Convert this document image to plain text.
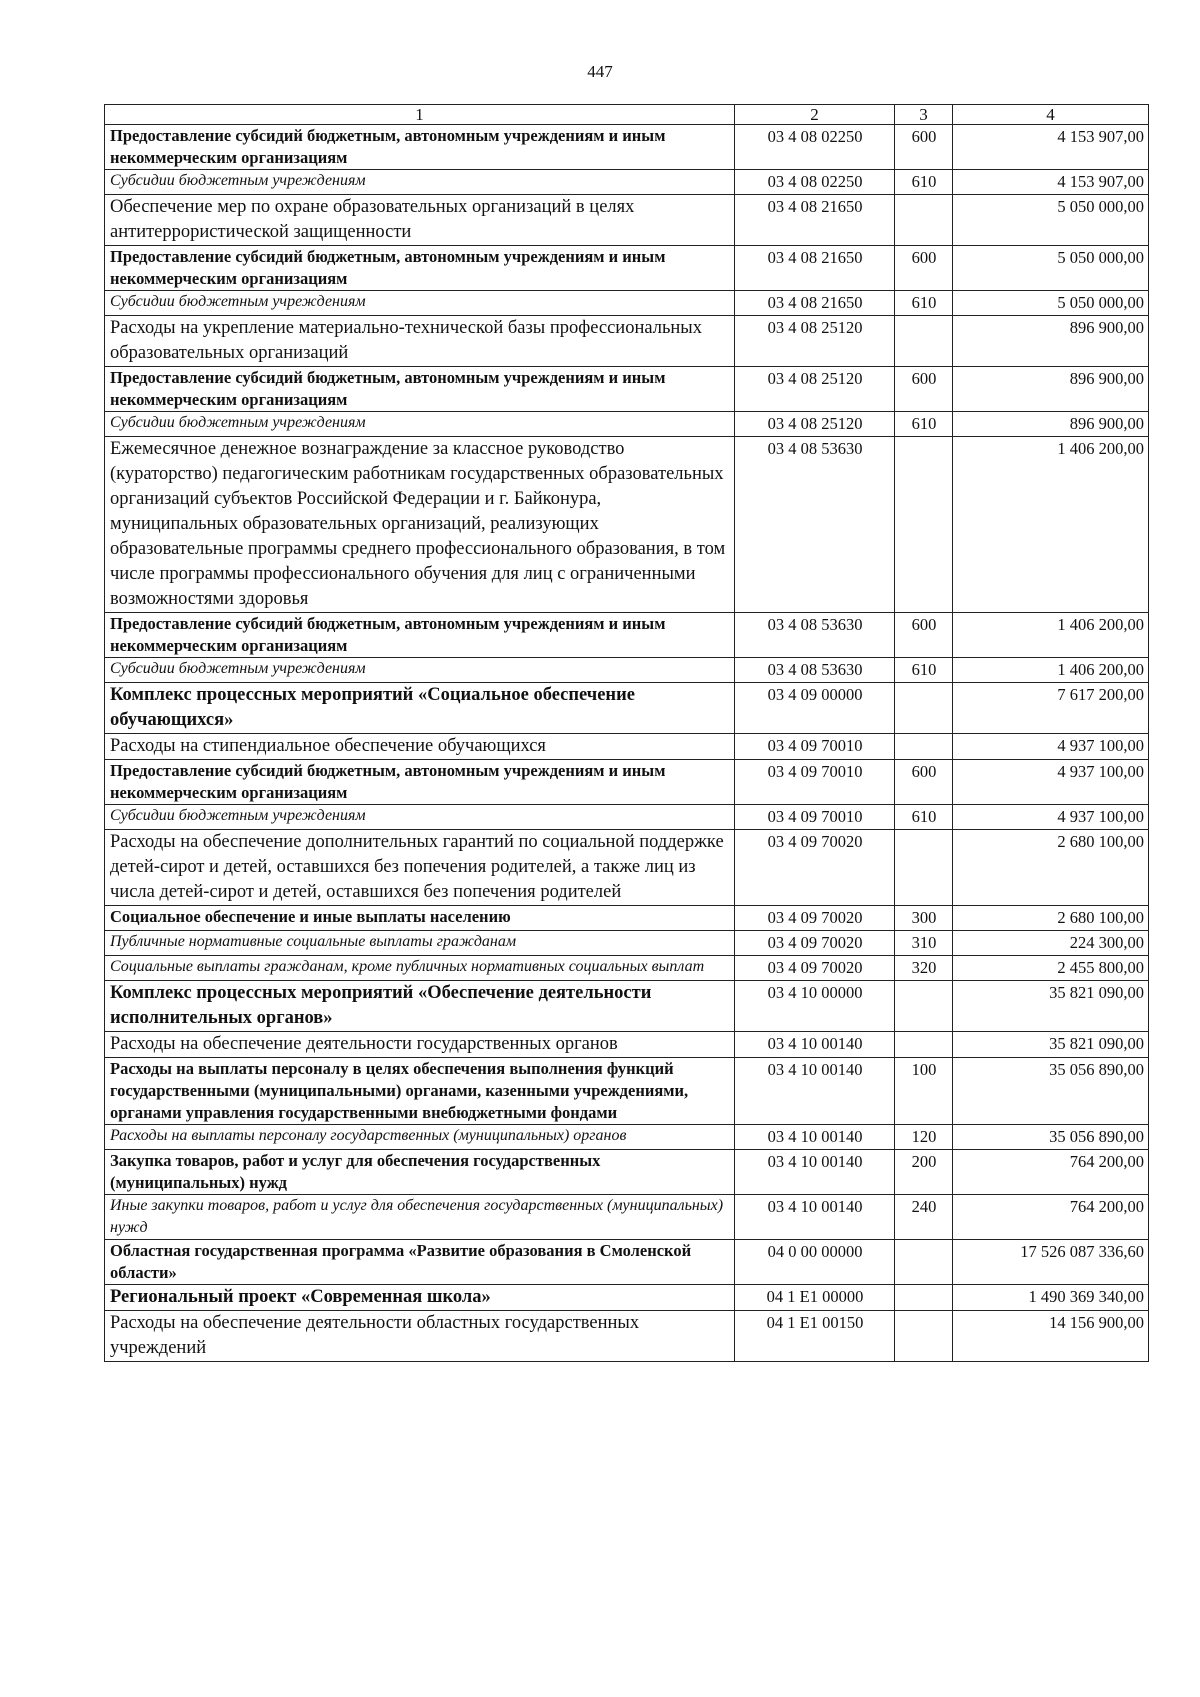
447
1	2	3	4
Предоставление субсидий бюджетным, автономным учреждениям и иным некоммерческим организациям	03 4 08 02250	600	4 153 907,00
Субсидии бюджетным учреждениям	03 4 08 02250	610	4 153 907,00
Обеспечение мер по охране образовательных организаций в целях антитеррористической защищенности	03 4 08 21650		5 050 000,00
Предоставление субсидий бюджетным, автономным учреждениям и иным некоммерческим организациям	03 4 08 21650	600	5 050 000,00
Субсидии бюджетным учреждениям	03 4 08 21650	610	5 050 000,00
Расходы на укрепление материально-технической базы профессиональных образовательных организаций	03 4 08 25120		896 900,00
Предоставление субсидий бюджетным, автономным учреждениям и иным некоммерческим организациям	03 4 08 25120	600	896 900,00
Субсидии бюджетным учреждениям	03 4 08 25120	610	896 900,00
Ежемесячное денежное вознаграждение за классное руководство (кураторство) педагогическим работникам государственных образовательных организаций субъектов Российской Федерации и г. Байконура, муниципальных образовательных организаций, реализующих образовательные программы среднего профессионального образования, в том числе программы профессионального обучения для лиц с ограниченными возможностями здоровья	03 4 08 53630		1 406 200,00
Предоставление субсидий бюджетным, автономным учреждениям и иным некоммерческим организациям	03 4 08 53630	600	1 406 200,00
Субсидии бюджетным учреждениям	03 4 08 53630	610	1 406 200,00
Комплекс процессных мероприятий «Социальное обеспечение обучающихся»	03 4 09 00000		7 617 200,00
Расходы на стипендиальное обеспечение обучающихся	03 4 09 70010		4 937 100,00
Предоставление субсидий бюджетным, автономным учреждениям и иным некоммерческим организациям	03 4 09 70010	600	4 937 100,00
Субсидии бюджетным учреждениям	03 4 09 70010	610	4 937 100,00
Расходы на обеспечение дополнительных гарантий по социальной поддержке детей-сирот и детей, оставшихся без попечения родителей, а также лиц из числа детей-сирот и детей, оставшихся без попечения родителей	03 4 09 70020		2 680 100,00
Социальное обеспечение и иные выплаты населению	03 4 09 70020	300	2 680 100,00
Публичные нормативные социальные выплаты гражданам	03 4 09 70020	310	224 300,00
Социальные выплаты гражданам, кроме публичных нормативных социальных выплат	03 4 09 70020	320	2 455 800,00
Комплекс процессных мероприятий «Обеспечение деятельности исполнительных органов»	03 4 10 00000		35 821 090,00
Расходы на обеспечение деятельности государственных органов	03 4 10 00140		35 821 090,00
Расходы на выплаты персоналу в целях обеспечения выполнения функций государственными (муниципальными) органами, казенными учреждениями, органами управления государственными внебюджетными фондами	03 4 10 00140	100	35 056 890,00
Расходы на выплаты персоналу государственных (муниципальных) органов	03 4 10 00140	120	35 056 890,00
Закупка товаров, работ и услуг для обеспечения государственных (муниципальных) нужд	03 4 10 00140	200	764 200,00
Иные закупки товаров, работ и услуг для обеспечения государственных (муниципальных) нужд	03 4 10 00140	240	764 200,00
Областная государственная программа «Развитие образования в Смоленской области»	04 0 00 00000		17 526 087 336,60
Региональный проект «Современная школа»	04 1 E1 00000		1 490 369 340,00
Расходы на обеспечение деятельности областных государственных учреждений	04 1 E1 00150		14 156 900,00
